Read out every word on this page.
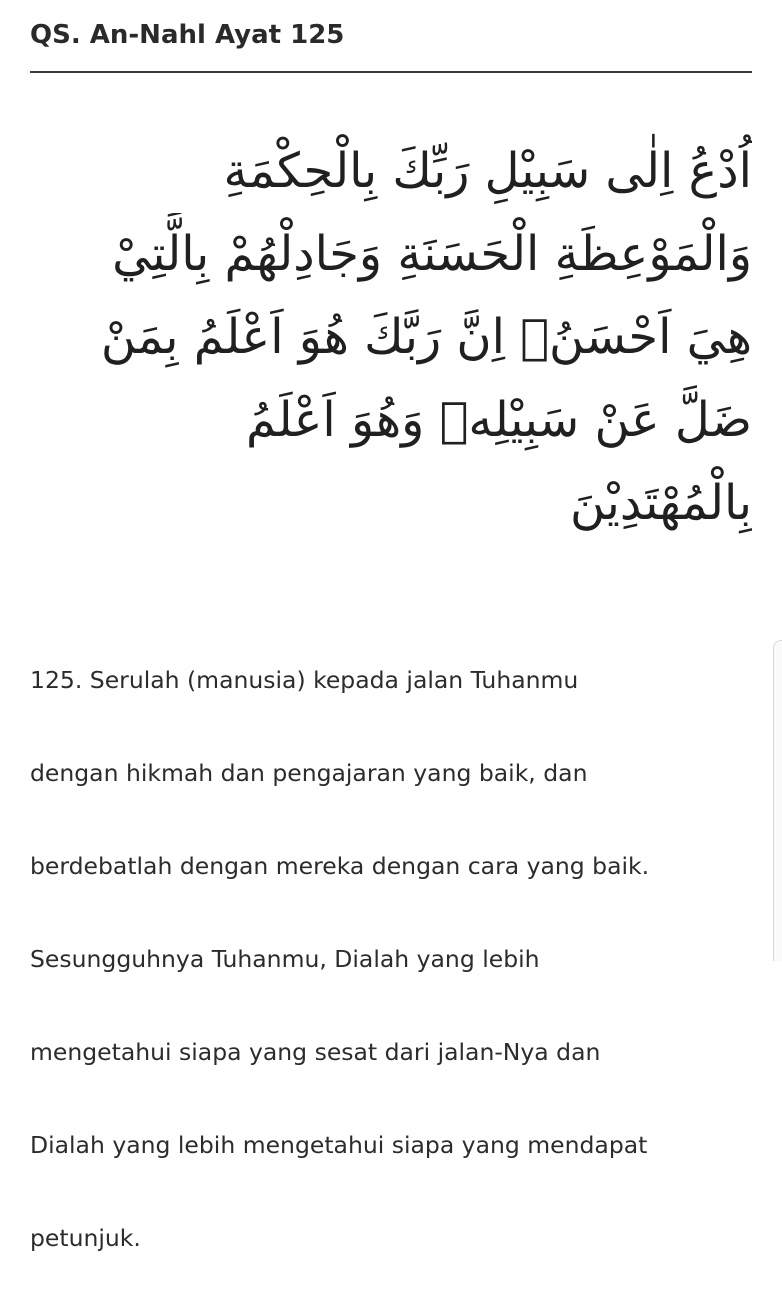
QS. An-Nahl Ayat 125
اُدْعُ اِلٰى سَبِيْلِ رَبِّكَ بِالْحِكْمَةِ
وَالْمَوْعِظَةِ الْحَسَنَةِ وَجَادِلْهُمْ بِالَّتِيْ
هِيَ اَحْسَنُۗ اِنَّ رَبَّكَ هُوَ اَعْلَمُ بِمَنْ
ضَلَّ عَنْ سَبِيْلِهٖ وَهُوَ اَعْلَمُ
بِالْمُهْتَدِيْنَ

125. Serulah (manusia) kepada jalan Tuhanmu

dengan hikmah dan pengajaran yang baik, dan

berdebatlah dengan mereka dengan cara yang baik.

Sesungguhnya Tuhanmu, Dialah yang lebih

mengetahui siapa yang sesat dari jalan-Nya dan

Dialah yang lebih mengetahui siapa yang mendapat

petunjuk.
